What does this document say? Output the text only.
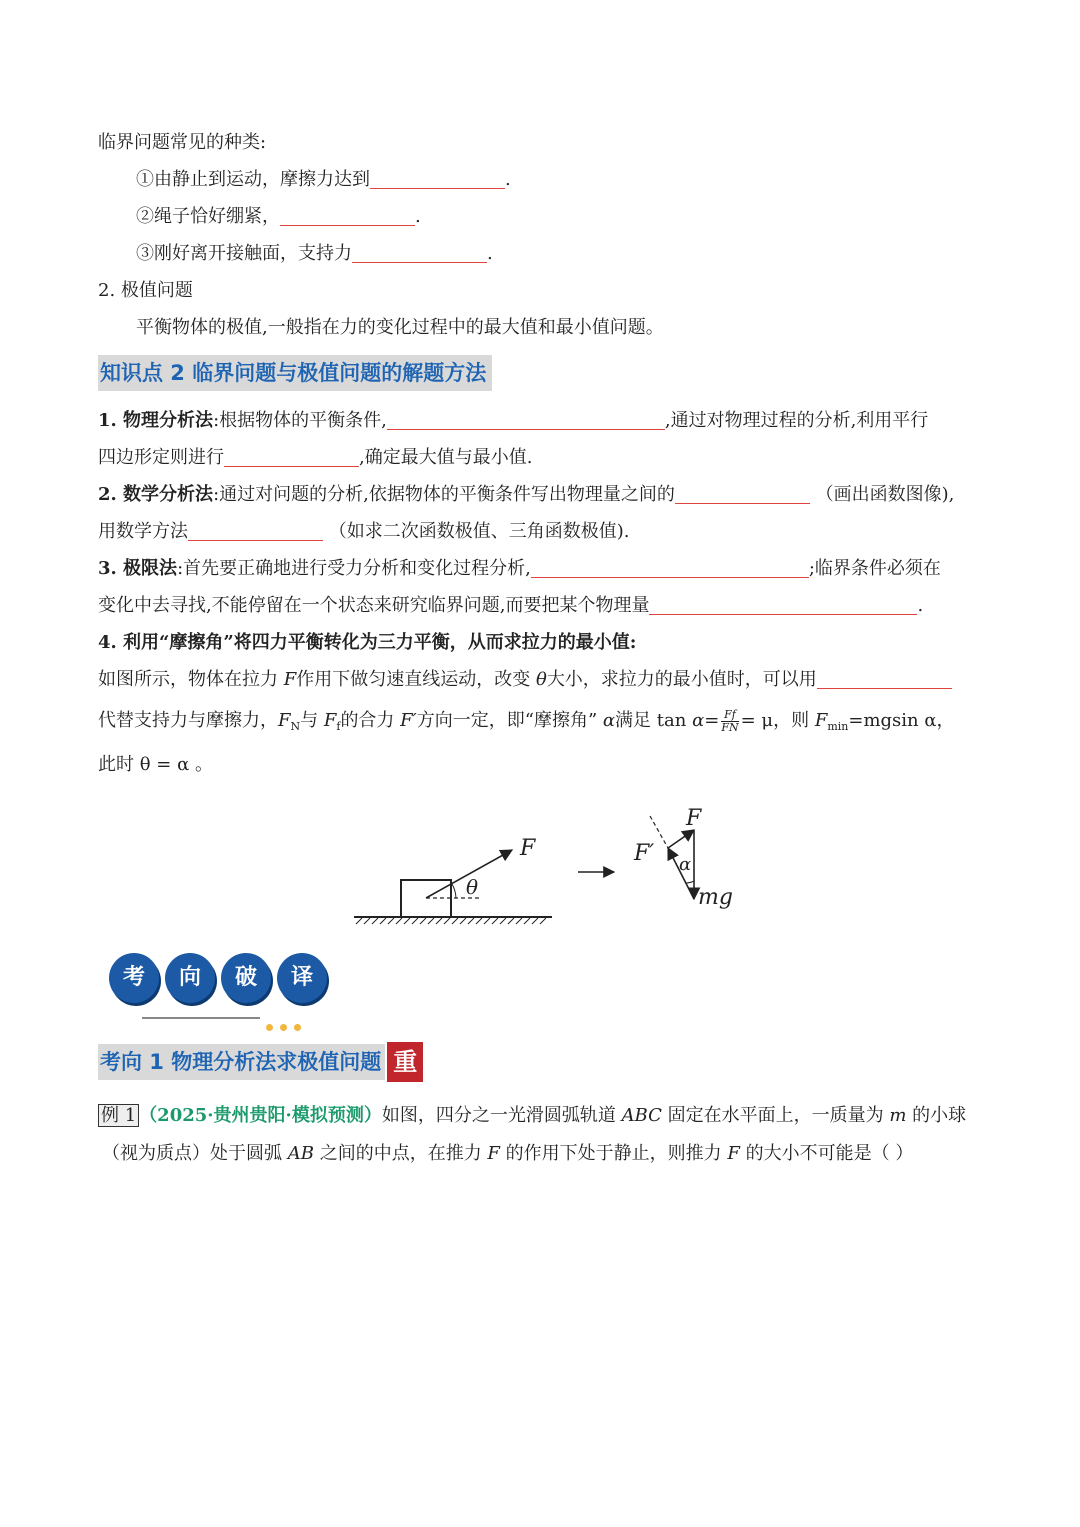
临界问题常见的种类:
①由静止到运动，摩擦力达到	.
②绳子恰好绷紧，	.
③刚好离开接触面，支持力	.
2. 极值问题
平衡物体的极值,一般指在力的变化过程中的最大值和最小值问题。
知识点 2 临界问题与极值问题的解题方法
1. 物理分析法:根据物体的平衡条件,	,通过对物理过程的分析,利用平行
四边形定则进行	,确定最大值与最小值.
2. 数学分析法:通过对问题的分析,依据物体的平衡条件写出物理量之间的	（画出函数图像),
用数学方法	（如求二次函数极值、三角函数极值).
3. 极限法:首先要正确地进行受力分析和变化过程分析,	;临界条件必须在
变化中去寻找,不能停留在一个状态来研究临界问题,而要把某个物理量	.
4. 利用“摩擦角”将四力平衡转化为三力平衡，从而求拉力的最小值:
如图所示，物体在拉力 F作用下做匀速直线运动，改变 θ大小，求拉力的最小值时，可以用
代替支持力与摩擦力，$F_N$与 $F_f$的合力 F′方向一定，即“摩擦角” α满足 $\tan \alpha= \frac{Ff}{FN} = \mu$，则 $F_{min}=mgsin$ α，
此时 θ = α 。
F
θ
F′
F
α
mg
考	向	破	译
考向 1 物理分析法求极值问题 重
例 1 （2025·贵州贵阳·模拟预测）如图，四分之一光滑圆弧轨道 ABC 固定在水平面上，一质量为 m 的小球
（视为质点）处于圆弧 AB 之间的中点，在推力 F 的作用下处于静止，则推力 F 的大小不可能是（ ）
